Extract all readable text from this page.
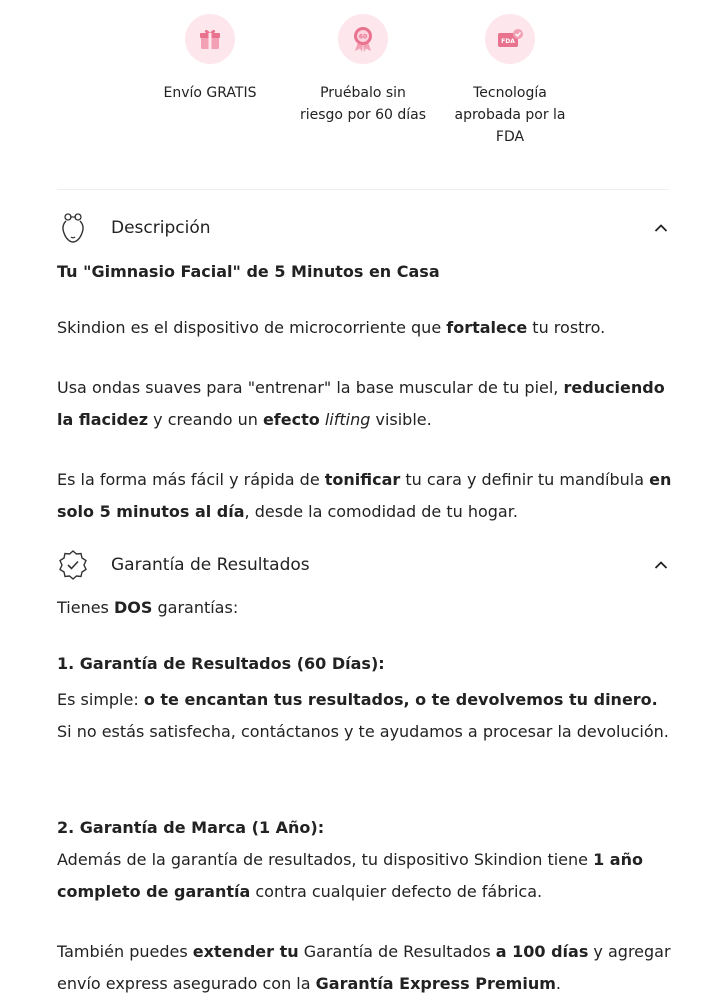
Envío GRATIS
60
Pruébalo sin riesgo por 60 días
FDA
Tecnología aprobada por la FDA
Descripción
Tu "Gimnasio Facial" de 5 Minutos en Casa
Skindion es el dispositivo de microcorriente que fortalece tu rostro.
Usa ondas suaves para "entrenar" la base muscular de tu piel, reduciendo la flacidez y creando un efecto lifting visible.
Es la forma más fácil y rápida de tonificar tu cara y definir tu mandíbula en solo 5 minutos al día, desde la comodidad de tu hogar.
Garantía de Resultados
Tienes DOS garantías:
1. Garantía de Resultados (60 Días):
Es simple: o te encantan tus resultados, o te devolvemos tu dinero. Si no estás satisfecha, contáctanos y te ayudamos a procesar la devolución.
2. Garantía de Marca (1 Año):
Además de la garantía de resultados, tu dispositivo Skindion tiene 1 año completo de garantía contra cualquier defecto de fábrica.
También puedes extender tu Garantía de Resultados a 100 días y agregar envío express asegurado con la Garantía Express Premium.
